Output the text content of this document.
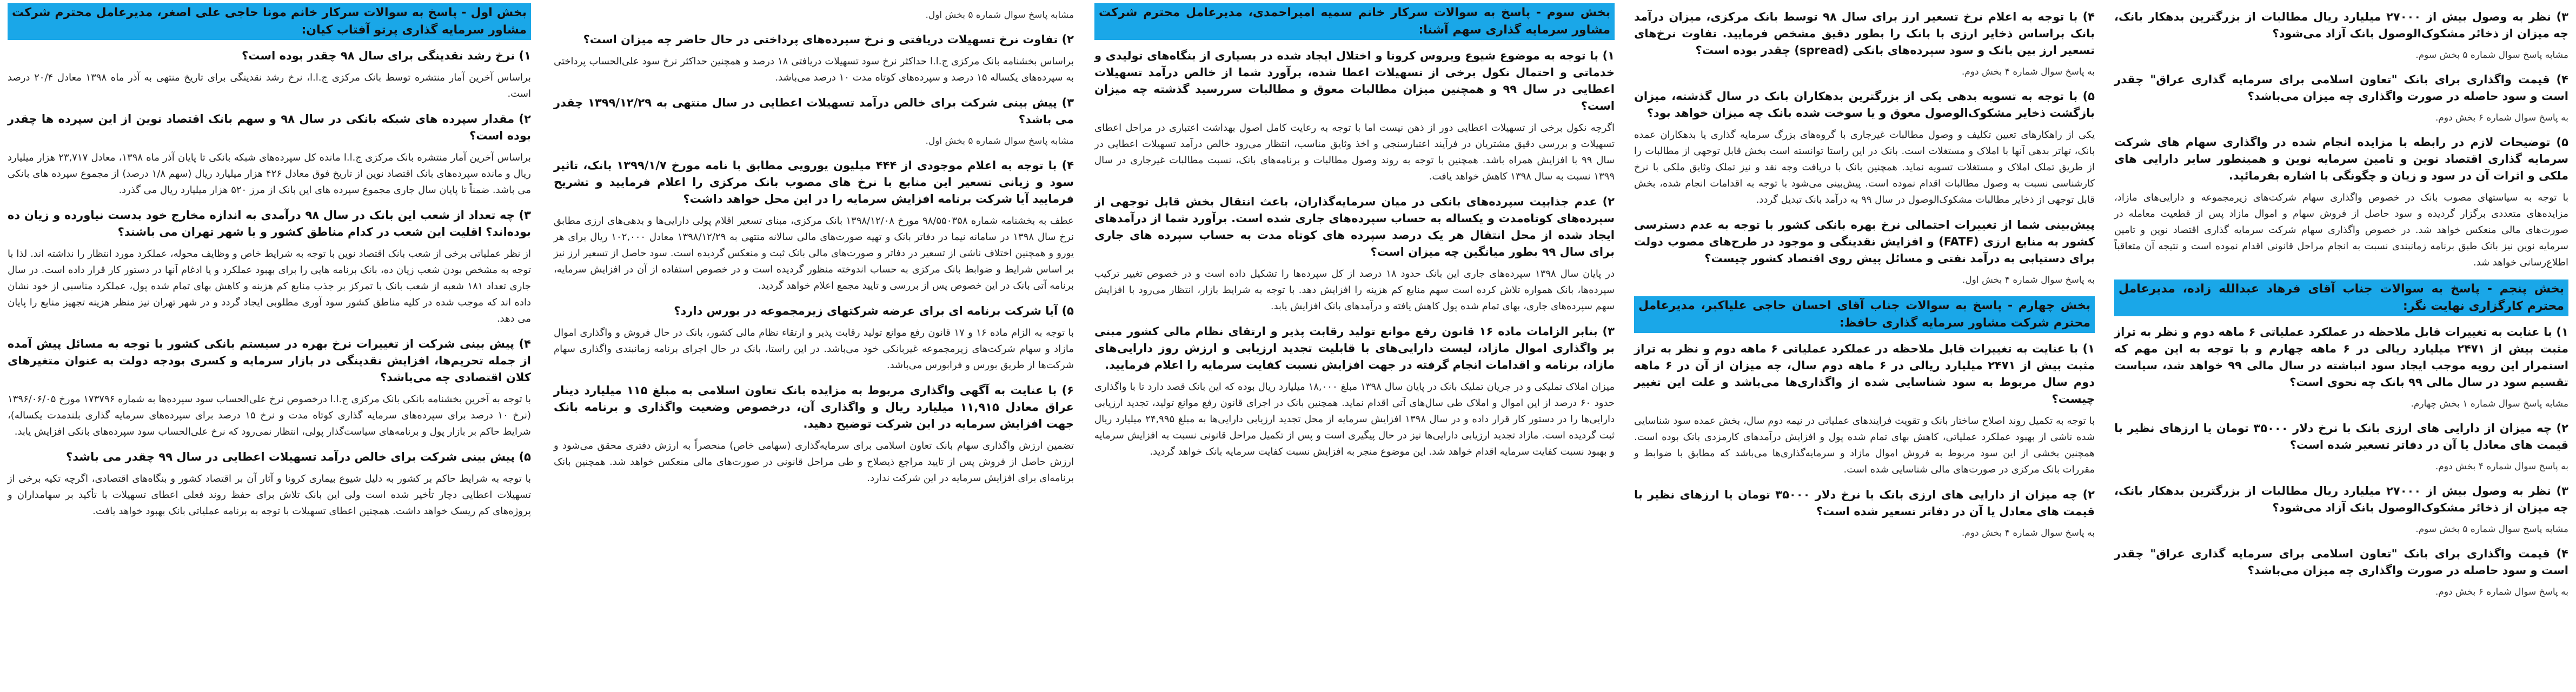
بخش اول - پاسخ به سوالات سرکار خانم مونا حاجی علی اصغر، مدیرعامل محترم شرکت مشاور سرمایه گذاری پرتو آفتاب کیان:

۱) نرخ رشد نقدینگی برای سال ۹۸ چقدر بوده است؟

براساس آخرین آمار منتشره توسط بانک مرکزی ج.ا.ا، نرخ رشد نقدینگی برای تاریخ منتهی به آذر ماه ۱۳۹۸ معادل ۲۰/۴ درصد است.

۲) مقدار سپرده های شبکه بانکی در سال ۹۸ و سهم بانک اقتصاد نوین از این سپرده ها چقدر بوده است؟

براساس آخرین آمار منتشره بانک مرکزی ج.ا.ا مانده کل سپرده‌های شبکه بانکی تا پایان آذر ماه ۱۳۹۸، معادل ۲۳,۷۱۷ هزار میلیارد ریال و مانده سپرده‌های بانک اقتصاد نوین از تاریخ فوق معادل ۴۲۶ هزار میلیارد ریال (سهم ۱/۸ درصد) از مجموع سپرده های بانکی می باشد. ضمناً تا پایان سال جاری مجموع سپرده های این بانک از مرز ۵۲۰ هزار میلیارد ریال می گذرد.

۳) چه تعداد از شعب این بانک در سال ۹۸ درآمدی به اندازه مخارج خود بدست نیاورده و زیان ده بوده‌اند؟ اقلیت این شعب در کدام مناطق کشور و یا شهر تهران می باشند؟

از نظر عملیاتی برخی از شعب بانک اقتصاد نوین با توجه به شرایط خاص و وظایف محوله، عملکرد مورد انتظار را نداشته اند. لذا با توجه به مشخص بودن شعب زیان ده، بانک برنامه هایی را برای بهبود عملکرد و یا ادغام آنها در دستور کار قرار داده است. در سال جاری تعداد ۱۸۱ شعبه از شعب بانک با تمرکز بر جذب منابع کم هزینه و کاهش بهای تمام شده پول، عملکرد مناسبی از خود نشان داده اند که موجب شده در کلیه مناطق کشور سود آوری مطلوبی ایجاد گردد و در شهر تهران نیز منظر هزینه تجهیز منابع را پایان می دهد.

۴) پیش بینی شرکت از تغییرات نرخ بهره در سیستم بانکی کشور با توجه به مسائل پیش آمده از جمله تحریم‌ها، افزایش نقدینگی در بازار سرمایه و کسری بودجه دولت به عنوان متغیرهای کلان اقتصادی چه می‌باشد؟

با توجه به آخرین بخشنامه بانکی بانک مرکزی ج.ا.ا درخصوص نرخ علی‌الحساب سود سپرده‌ها به شماره ۱۷۳۷۹۶ مورخ ۱۳۹۶/۰۶/۰۵ (نرخ ۱۰ درصد برای سپرده‌های سرمایه گذاری کوتاه مدت و نرخ ۱۵ درصد برای سپرده‌های سرمایه گذاری بلندمدت یکساله)، شرایط حاکم بر بازار پول و برنامه‌های سیاست‌گذار پولی، انتظار نمی‌رود که نرخ علی‌الحساب سود سپرده‌های بانکی افزایش یابد.

۵) پیش بینی شرکت برای خالص درآمد تسهیلات اعطایی در سال ۹۹ چقدر می باشد؟

با توجه به شرایط حاکم بر کشور به دلیل شیوع بیماری کرونا و آثار آن بر اقتصاد کشور و بنگاه‌های اقتصادی، اگرچه تکیه برخی از تسهیلات اعطایی دچار تأخیر شده است ولی این بانک تلاش برای حفظ روند فعلی اعطای تسهیلات با تأکید بر سهامداران و پروژه‌های کم ریسک خواهد داشت. همچنین اعطای تسهیلات با توجه به برنامه عملیاتی بانک بهبود خواهد یافت.

مشابه پاسخ سوال شماره ۵ بخش اول.

۲) تفاوت نرخ تسهیلات دریافتی و نرخ سپرده‌های پرداختی در حال حاضر چه میزان است؟

براساس بخشنامه بانک مرکزی ج.ا.ا حداکثر نرخ سود تسهیلات دریافتی ۱۸ درصد و همچنین حداکثر نرخ سود علی‌الحساب پرداختی به سپرده‌های یکساله ۱۵ درصد و سپرده‌های کوتاه مدت ۱۰ درصد می‌باشد.

۳) پیش بینی شرکت برای خالص درآمد تسهیلات اعطایی در سال منتهی به ۱۳۹۹/۱۲/۲۹ چقدر می باشد؟

مشابه پاسخ سوال شماره ۵ بخش اول.

۴) با توجه به اعلام موجودی از ۴۴۴ میلیون یورویی مطابق با نامه مورخ ۱۳۹۹/۱/۷ بانک، تاثیر سود و زیانی تسعیر این منابع با نرخ های مصوب بانک مرکزی را اعلام فرمایید و تشریح فرمایید آیا شرکت برنامه افزایش سرمایه را در این محل خواهد داشت؟

عطف به بخشنامه شماره ۹۸/۵۵۰۳۵۸ مورخ ۱۳۹۸/۱۲/۰۸ بانک مرکزی، مبنای تسعیر اقلام پولی دارایی‌ها و بدهی‌های ارزی مطابق نرخ سال ۱۳۹۸ در سامانه نیما در دفاتر بانک و تهیه صورت‌های مالی سالانه منتهی به ۱۳۹۸/۱۲/۲۹ معادل ۱۰۲,۰۰۰ ریال برای هر یورو و همچنین اختلاف ناشی از تسعیر در دفاتر و صورت‌های مالی بانک ثبت و منعکس گردیده است. سود حاصل از تسعیر ارز نیز بر اساس شرایط و ضوابط بانک مرکزی به حساب اندوخته منظور گردیده است و در خصوص استفاده از آن در افزایش سرمایه، برنامه آتی بانک در این خصوص پس از بررسی و تایید مجمع اعلام خواهد گردید.

۵) آیا شرکت برنامه ای برای عرضه شرکتهای زیرمجموعه در بورس دارد؟

با توجه به الزام ماده ۱۶ و ۱۷ قانون رفع موانع تولید رقابت پذیر و ارتقاء نظام مالی کشور، بانک در حال فروش و واگذاری اموال مازاد و سهام شرکت‌های زیرمجموعه غیربانکی خود می‌باشد. در این راستا، بانک در حال اجرای برنامه زمانبندی واگذاری سهام شرکت‌ها از طریق بورس و فرابورس می‌باشد.

۶) با عنایت به آگهی واگذاری مربوط به مزایده بانک تعاون اسلامی به مبلغ ۱۱۵ میلیارد دینار عراق معادل ۱۱,۹۱۵ میلیارد ریال و واگذاری آن، درخصوص وضعیت واگذاری و برنامه بانک جهت افزایش سرمایه در این شرکت توضیح دهید.

تضمین ارزش واگذاری سهام بانک تعاون اسلامی برای سرمایه‌گذاری (سهامی خاص) منحصراً به ارزش دفتری محقق می‌شود و ارزش حاصل از فروش پس از تایید مراجع ذیصلاح و طی مراحل قانونی در صورت‌های مالی منعکس خواهد شد. همچنین بانک برنامه‌ای برای افزایش سرمایه در این شرکت ندارد.

بخش سوم - پاسخ به سوالات سرکار خانم سمیه امیراحمدی، مدیرعامل محترم شرکت مشاور سرمایه گذاری سهم آشنا:

۱) با توجه به موضوع شیوع ویروس کرونا و اختلال ایجاد شده در بسیاری از بنگاه‌های تولیدی و خدماتی و احتمال نکول برخی از تسهیلات اعطا شده، برآورد شما از خالص درآمد تسهیلات اعطایی در سال ۹۹ و همچنین میزان مطالبات معوق و مطالبات سررسید گذشته چه میزان است؟

اگرچه نکول برخی از تسهیلات اعطایی دور از ذهن نیست اما با توجه به رعایت کامل اصول بهداشت اعتباری در مراحل اعطای تسهیلات و بررسی دقیق مشتریان در فرآیند اعتبارسنجی و اخذ وثایق مناسب، انتظار می‌رود خالص درآمد تسهیلات اعطایی در سال ۹۹ با افزایش همراه باشد. همچنین با توجه به روند وصول مطالبات و برنامه‌های بانک، نسبت مطالبات غیرجاری در سال ۱۳۹۹ نسبت به سال ۱۳۹۸ کاهش خواهد یافت.

۲) عدم جذابیت سپرده‌های بانکی در میان سرمایه‌گذاران، باعث انتقال بخش قابل توجهی از سپرده‌های کوتاه‌مدت و یکساله به حساب سپرده‌های جاری شده است. برآورد شما از درآمدهای ایجاد شده از محل انتقال هر یک درصد سپرده های کوتاه مدت به حساب سپرده های جاری برای سال ۹۹ بطور میانگین چه میزان است؟

در پایان سال ۱۳۹۸ سپرده‌های جاری این بانک حدود ۱۸ درصد از کل سپرده‌ها را تشکیل داده است و در خصوص تغییر ترکیب سپرده‌ها، بانک همواره تلاش کرده است سهم منابع کم هزینه را افزایش دهد. با توجه به شرایط بازار، انتظار می‌رود با افزایش سهم سپرده‌های جاری، بهای تمام شده پول کاهش یافته و درآمدهای بانک افزایش یابد.

۳) بنابر الزامات ماده ۱۶ قانون رفع موانع تولید رقابت پذیر و ارتقای نظام مالی کشور مبنی بر واگذاری اموال مازاد، لیست دارایی‌های با قابلیت تجدید ارزیابی و ارزش روز دارایی‌های مازاد، برنامه و اقدامات انجام گرفته در جهت افزایش نسبت کفایت سرمایه را اعلام فرمایید.

میزان املاک تملیکی و در جریان تملیک بانک در پایان سال ۱۳۹۸ مبلغ ۱۸,۰۰۰ میلیارد ریال بوده که این بانک قصد دارد تا با واگذاری حدود ۶۰ درصد از این اموال و املاک طی سال‌های آتی اقدام نماید. همچنین بانک در اجرای قانون رفع موانع تولید، تجدید ارزیابی دارایی‌ها را در دستور کار قرار داده و در سال ۱۳۹۸ افزایش سرمایه از محل تجدید ارزیابی دارایی‌ها به مبلغ ۲۴,۹۹۵ میلیارد ریال ثبت گردیده است. مازاد تجدید ارزیابی دارایی‌ها نیز در حال پیگیری است و پس از تکمیل مراحل قانونی نسبت به افزایش سرمایه و بهبود نسبت کفایت سرمایه اقدام خواهد شد. این موضوع منجر به افزایش نسبت کفایت سرمایه بانک خواهد گردید.

۴) با توجه به اعلام نرخ تسعیر ارز برای سال ۹۸ توسط بانک مرکزی، میزان درآمد بانک براساس ذخایر ارزی با بانک را بطور دقیق مشخص فرمایید. تفاوت نرخ‌های تسعیر ارز بین بانک و سود سپرده‌های بانکی (spread) چقدر بوده است؟

به پاسخ سوال شماره ۴ بخش دوم.

۵) با توجه به تسویه بدهی یکی از بزرگترین بدهکاران بانک در سال گذشته، میزان بازگشت ذخایر مشکوک‌الوصول معوق و یا سوخت شده بانک چه میزان خواهد بود؟

یکی از راهکارهای تعیین تکلیف و وصول مطالبات غیرجاری با گروه‌های بزرگ سرمایه گذاری یا بدهکاران عمده بانک، تهاتر بدهی آنها با املاک و مستغلات است. بانک در این راستا توانسته است بخش قابل توجهی از مطالبات را از طریق تملک املاک و مستغلات تسویه نماید. همچنین بانک با دریافت وجه نقد و نیز تملک وثایق ملکی با نرخ کارشناسی نسبت به وصول مطالبات اقدام نموده است. پیش‌بینی می‌شود با توجه به اقدامات انجام شده، بخش قابل توجهی از ذخایر مطالبات مشکوک‌الوصول در سال ۹۹ به درآمد بانک تبدیل گردد.

پیش‌بینی شما از تغییرات احتمالی نرخ بهره بانکی کشور با توجه به عدم دسترسی کشور به منابع ارزی (FATF) و افزایش نقدینگی و موجود در طرح‌های مصوب دولت برای دستیابی به درآمد نفتی و مسائل پیش روی اقتصاد کشور چیست؟

به پاسخ سوال شماره ۴ بخش اول.

بخش چهارم - پاسخ به سوالات جناب آقای احسان حاجی علیاکبر، مدیرعامل محترم شرکت مشاور سرمایه گذاری حافظ:

۱) با عنایت به تغییرات قابل ملاحظه در عملکرد عملیاتی ۶ ماهه دوم و نظر به تراز مثبت بیش از ۲۴۷۱ میلیارد ریالی در ۶ ماهه دوم سال، چه میزان از آن در ۶ ماهه دوم سال مربوط به سود شناسایی شده از واگذاری‌ها می‌باشد و علت این تغییر چیست؟

با توجه به تکمیل روند اصلاح ساختار بانک و تقویت فرایندهای عملیاتی در نیمه دوم سال، بخش عمده سود شناسایی شده ناشی از بهبود عملکرد عملیاتی، کاهش بهای تمام شده پول و افزایش درآمدهای کارمزدی بانک بوده است. همچنین بخشی از این سود مربوط به فروش اموال مازاد و سرمایه‌گذاری‌ها می‌باشد که مطابق با ضوابط و مقررات بانک مرکزی در صورت‌های مالی شناسایی شده است.

۲) چه میزان از دارایی های ارزی بانک با نرخ دلار ۳۵۰۰۰ تومان یا ارزهای نظیر با قیمت های معادل یا آن در دفاتر تسعیر شده است؟

به پاسخ سوال شماره ۴ بخش دوم.

۳) نظر به وصول بیش از ۲۷۰۰۰ میلیارد ریال مطالبات از بزرگترین بدهکار بانک، چه میزان از ذخائر مشکوک‌الوصول بانک آزاد می‌شود؟

مشابه پاسخ سوال شماره ۵ بخش سوم.

۴) قیمت واگذاری برای بانک "تعاون اسلامی برای سرمایه گذاری عراق" چقدر است و سود حاصله در صورت واگذاری چه میزان می‌باشد؟

به پاسخ سوال شماره ۶ بخش دوم.

۵) توضیحات لازم در رابطه با مزایده انجام شده در واگذاری سهام های شرکت سرمایه گذاری اقتصاد نوین و تامین سرمایه نوین و همینطور سایر دارایی های ملکی و اثرات آن در سود و زیان و چگونگی با اشاره بفرمائید.

با توجه به سیاستهای مصوب بانک در خصوص واگذاری سهام شرکت‌های زیرمجموعه و دارایی‌های مازاد، مزایده‌های متعددی برگزار گردیده و سود حاصل از فروش سهام و اموال مازاد پس از قطعیت معامله در صورت‌های مالی منعکس خواهد شد. در خصوص واگذاری سهام شرکت سرمایه گذاری اقتصاد نوین و تامین سرمایه نوین نیز بانک طبق برنامه زمانبندی نسبت به انجام مراحل قانونی اقدام نموده است و نتیجه آن متعاقباً اطلاع‌رسانی خواهد شد.

بخش پنجم - پاسخ به سوالات جناب آقای فرهاد عبدالله زاده، مدیرعامل محترم کارگزاری نهایت نگر:

۱) با عنایت به تغییرات قابل ملاحظه در عملکرد عملیاتی ۶ ماهه دوم و نظر به تراز مثبت بیش از ۲۴۷۱ میلیارد ریالی در ۶ ماهه چهارم و با توجه به این مهم که استمرار این رویه موجب ایجاد سود انباشته در سال مالی ۹۹ خواهد شد، سیاست تقسیم سود در سال مالی ۹۹ بانک چه نحوی است؟

مشابه پاسخ سوال شماره ۱ بخش چهارم.

۲) چه میزان از دارایی های ارزی بانک با نرخ دلار ۳۵۰۰۰ تومان یا ارزهای نظیر با قیمت های معادل یا آن در دفاتر تسعیر شده است؟

به پاسخ سوال شماره ۴ بخش دوم.

۳) نظر به وصول بیش از ۲۷۰۰۰ میلیارد ریال مطالبات از بزرگترین بدهکار بانک، چه میزان از ذخائر مشکوک‌الوصول بانک آزاد می‌شود؟

مشابه پاسخ سوال شماره ۵ بخش سوم.

۴) قیمت واگذاری برای بانک "تعاون اسلامی برای سرمایه گذاری عراق" چقدر است و سود حاصله در صورت واگذاری چه میزان می‌باشد؟

به پاسخ سوال شماره ۶ بخش دوم.
